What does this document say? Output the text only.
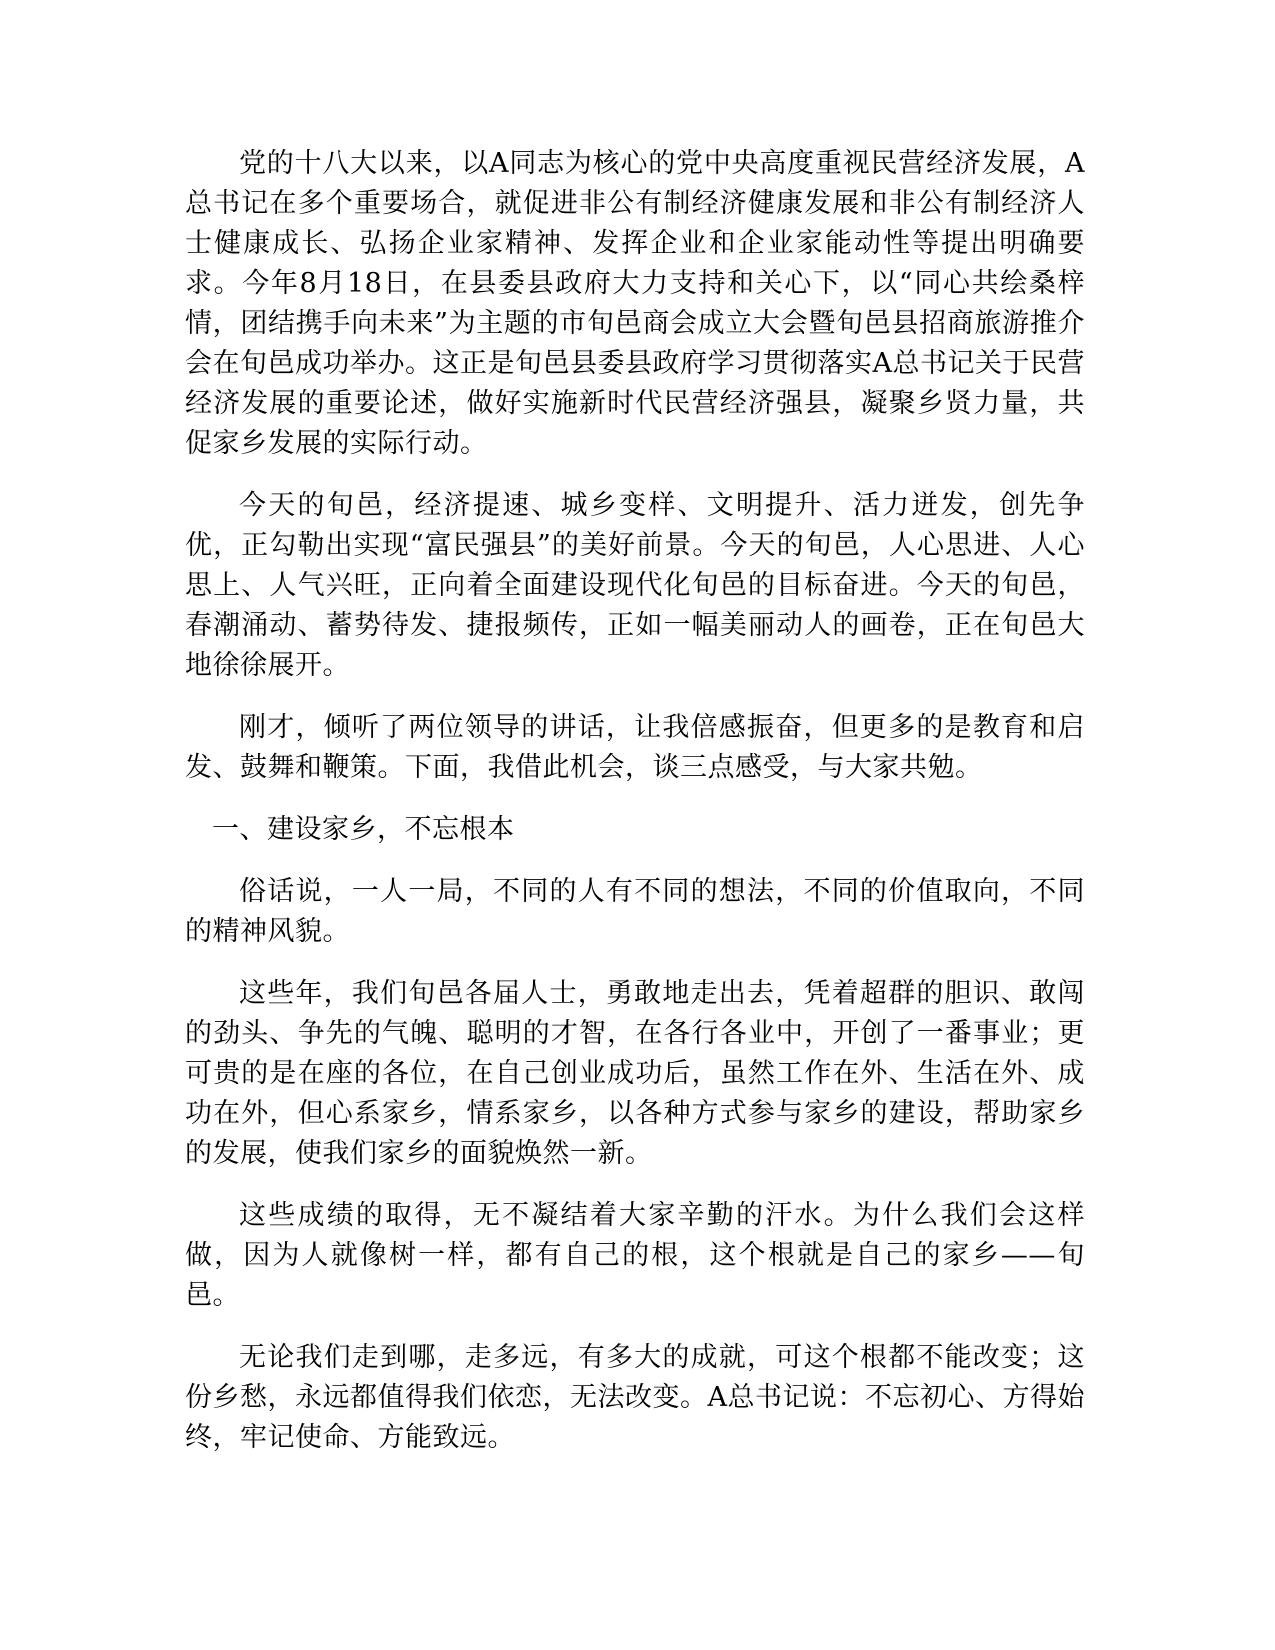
党的十八大以来，以A同志为核心的党中央高度重视民营经济发展，A总书记在多个重要场合，就促进非公有制经济健康发展和非公有制经济人士健康成长、弘扬企业家精神、发挥企业和企业家能动性等提出明确要求。今年8月18日，在县委县政府大力支持和关心下，以“同心共绘桑梓情，团结携手向未来”为主题的市旬邑商会成立大会暨旬邑县招商旅游推介会在旬邑成功举办。这正是旬邑县委县政府学习贯彻落实A总书记关于民营经济发展的重要论述，做好实施新时代民营经济强县，凝聚乡贤力量，共促家乡发展的实际行动。

今天的旬邑，经济提速、城乡变样、文明提升、活力迸发，创先争优，正勾勒出实现“富民强县”的美好前景。今天的旬邑，人心思进、人心思上、人气兴旺，正向着全面建设现代化旬邑的目标奋进。今天的旬邑，春潮涌动、蓄势待发、捷报频传，正如一幅美丽动人的画卷，正在旬邑大地徐徐展开。

刚才，倾听了两位领导的讲话，让我倍感振奋，但更多的是教育和启发、鼓舞和鞭策。下面，我借此机会，谈三点感受，与大家共勉。

一、建设家乡，不忘根本

俗话说，一人一局，不同的人有不同的想法，不同的价值取向，不同的精神风貌。

这些年，我们旬邑各届人士，勇敢地走出去，凭着超群的胆识、敢闯的劲头、争先的气魄、聪明的才智，在各行各业中，开创了一番事业；更可贵的是在座的各位，在自己创业成功后，虽然工作在外、生活在外、成功在外，但心系家乡，情系家乡，以各种方式参与家乡的建设，帮助家乡的发展，使我们家乡的面貌焕然一新。

这些成绩的取得，无不凝结着大家辛勤的汗水。为什么我们会这样做，因为人就像树一样，都有自己的根，这个根就是自己的家乡——旬邑。

无论我们走到哪，走多远，有多大的成就，可这个根都不能改变；这份乡愁，永远都值得我们依恋，无法改变。A总书记说：不忘初心、方得始终，牢记使命、方能致远。
